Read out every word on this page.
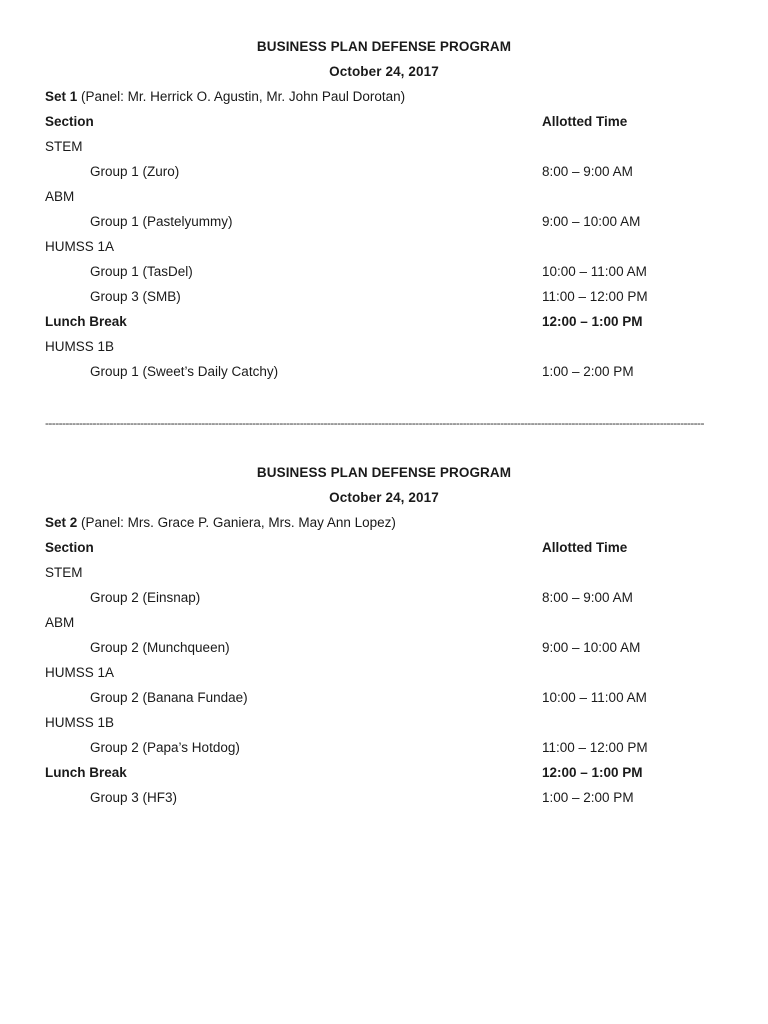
BUSINESS PLAN DEFENSE PROGRAM
October 24, 2017
Set 1 (Panel: Mr. Herrick O. Agustin, Mr. John Paul Dorotan)
Section	Allotted Time
STEM
Group 1 (Zuro)	8:00 – 9:00 AM
ABM
Group 1 (Pastelyummy)	9:00 – 10:00 AM
HUMSS 1A
Group 1 (TasDel)	10:00 – 11:00 AM
Group 3 (SMB)	11:00 – 12:00 PM
Lunch Break	12:00 – 1:00 PM
HUMSS 1B
Group 1 (Sweet’s Daily Catchy)	1:00 – 2:00 PM
--------------------------------------------------------------------------------------------------------------------------------------------------------------------------------------------------
BUSINESS PLAN DEFENSE PROGRAM
October 24, 2017
Set 2 (Panel: Mrs. Grace P. Ganiera, Mrs. May Ann Lopez)
Section	Allotted Time
STEM
Group 2 (Einsnap)	8:00 – 9:00 AM
ABM
Group 2 (Munchqueen)	9:00 – 10:00 AM
HUMSS 1A
Group 2 (Banana Fundae)	10:00 – 11:00 AM
HUMSS 1B
Group 2 (Papa’s Hotdog)	11:00 – 12:00 PM
Lunch Break	12:00 – 1:00 PM
Group 3 (HF3)	1:00 – 2:00 PM
